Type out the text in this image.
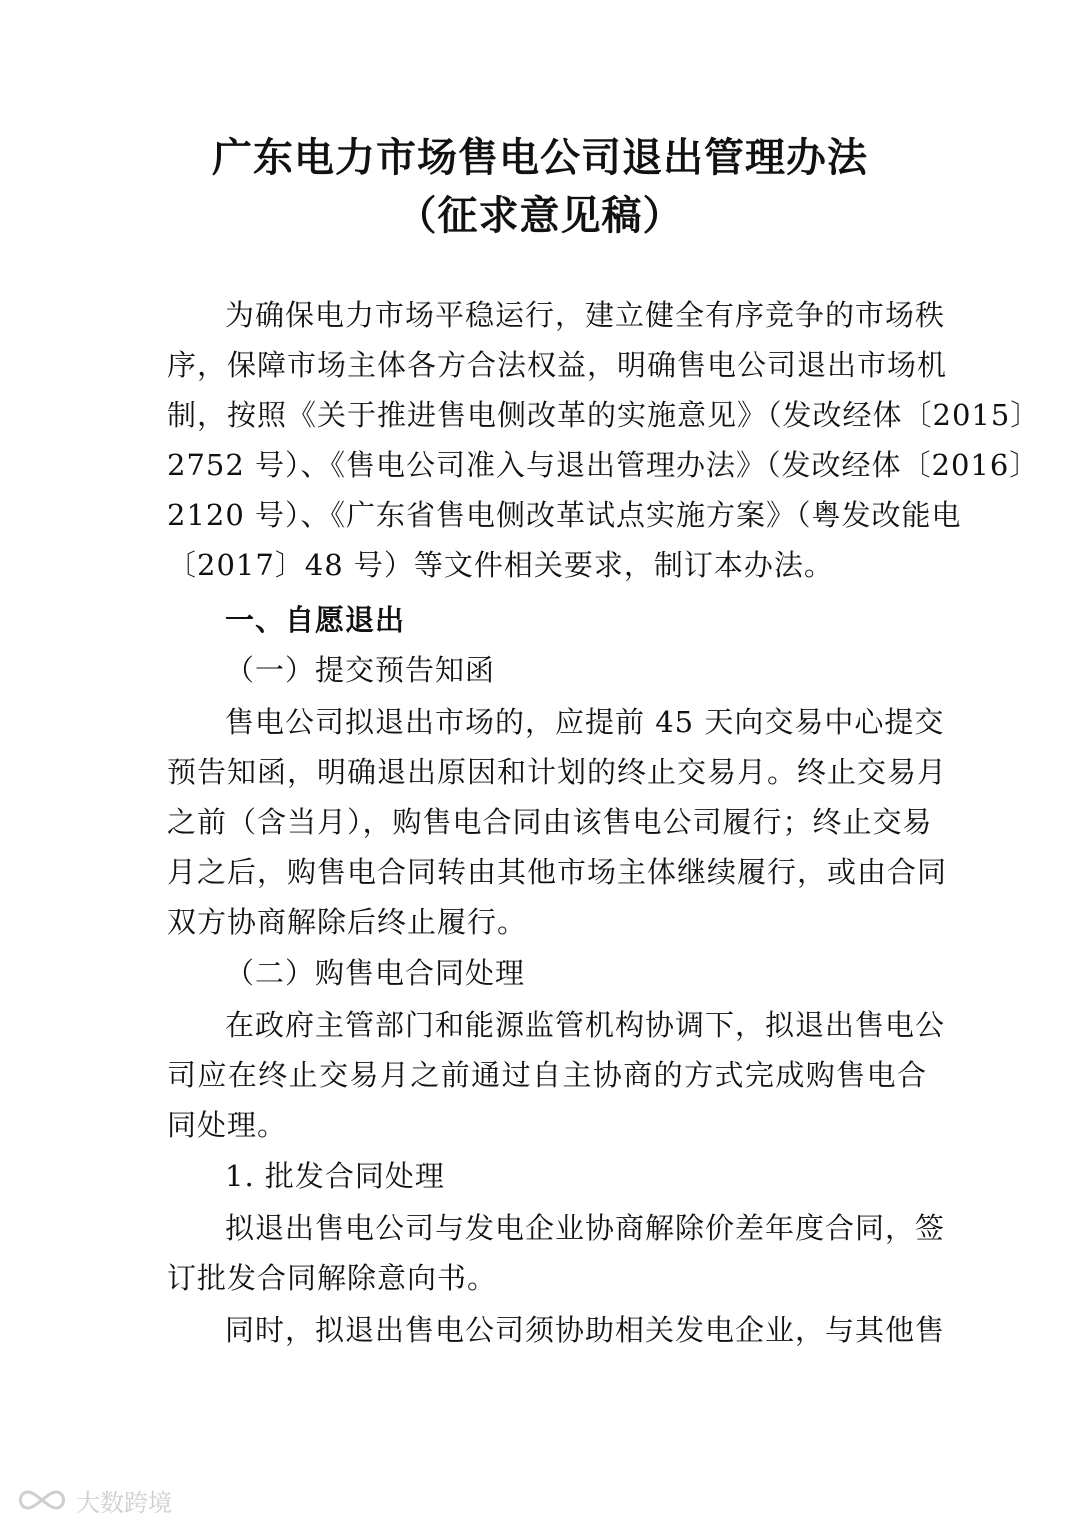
广东电力市场售电公司退出管理办法
（征求意见稿）
为确保电力市场平稳运行，建立健全有序竞争的市场秩
序，保障市场主体各方合法权益，明确售电公司退出市场机
制，按照《关于推进售电侧改革的实施意见》（发改经体〔2015〕
2752 号）、《售电公司准入与退出管理办法》（发改经体〔2016〕
2120 号）、《广东省售电侧改革试点实施方案》（粤发改能电
〔2017〕48 号）等文件相关要求，制订本办法。
一、自愿退出
（一）提交预告知函
售电公司拟退出市场的，应提前 45 天向交易中心提交
预告知函，明确退出原因和计划的终止交易月。终止交易月
之前（含当月），购售电合同由该售电公司履行；终止交易
月之后，购售电合同转由其他市场主体继续履行，或由合同
双方协商解除后终止履行。
（二）购售电合同处理
在政府主管部门和能源监管机构协调下，拟退出售电公
司应在终止交易月之前通过自主协商的方式完成购售电合
同处理。
1. 批发合同处理
拟退出售电公司与发电企业协商解除价差年度合同，签
订批发合同解除意向书。
同时，拟退出售电公司须协助相关发电企业，与其他售
大数跨境
